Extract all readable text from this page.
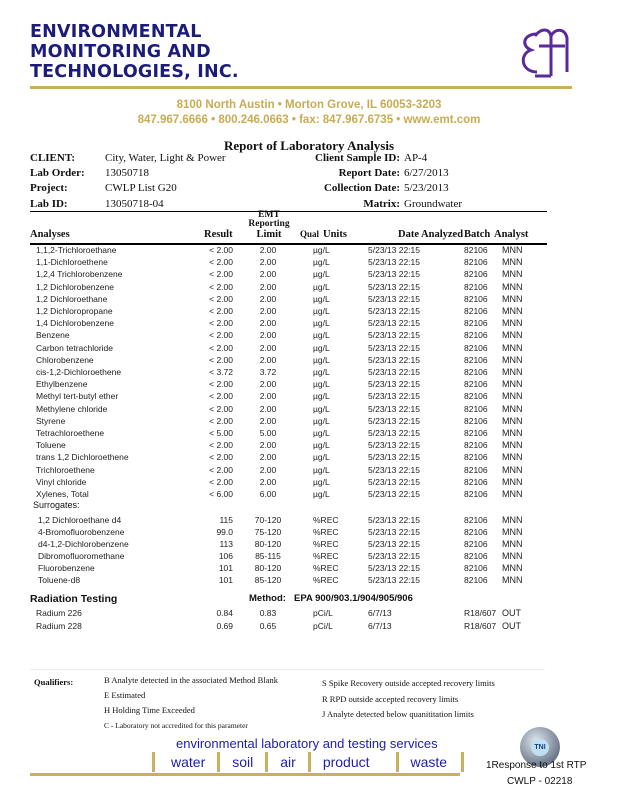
ENVIRONMENTAL
MONITORING AND
TECHNOLOGIES, INC.
8100 North Austin • Morton Grove, IL 60053-3203
847.967.6666 • 800.246.0663 • fax: 847.967.6735 • www.emt.com
Report of Laboratory Analysis
CLIENT:	City, Water, Light & Power
Lab Order: 13050718
Project:	CWLP List G20
Lab ID:	13050718-04
Client Sample ID: AP-4
Report Date: 6/27/2013
Collection Date: 5/23/2013
Matrix: Groundwater
Analyses	Result
EMT
Reporting
Limit	Qual Units	Date Analyzed Batch Analyst
1,1,2-Trichloroethane	< 2.00	2.00	µg/L	5/23/13 22:15	82106 MNN
1,1-Dichloroethene	< 2.00	2.00	µg/L	5/23/13 22:15	82106 MNN
1,2,4 Trichlorobenzene	< 2.00	2.00	µg/L	5/23/13 22:15	82106 MNN
1,2 Dichlorobenzene	< 2.00	2.00	µg/L	5/23/13 22:15	82106 MNN
1,2 Dichloroethane	< 2.00	2.00	µg/L	5/23/13 22:15	82106 MNN
1,2 Dichloropropane	< 2.00	2.00	µg/L	5/23/13 22:15	82106 MNN
1,4 Dichlorobenzene	< 2.00	2.00	µg/L	5/23/13 22:15	82106 MNN
Benzene	< 2.00	2.00	µg/L	5/23/13 22:15	82106 MNN
Carbon tetrachloride	< 2.00	2.00	µg/L	5/23/13 22:15	82106 MNN
Chlorobenzene	< 2.00	2.00	µg/L	5/23/13 22:15	82106 MNN
cis-1,2-Dichloroethene	< 3.72	3.72	µg/L	5/23/13 22:15	82106 MNN
Ethylbenzene	< 2.00	2.00	µg/L	5/23/13 22:15	82106 MNN
Methyl tert-butyl ether	< 2.00	2.00	µg/L	5/23/13 22:15	82106 MNN
Methylene chloride	< 2.00	2.00	µg/L	5/23/13 22:15	82106 MNN
Styrene	< 2.00	2.00	µg/L	5/23/13 22:15	82106 MNN
Tetrachloroethene	< 5.00	5.00	µg/L	5/23/13 22:15	82106 MNN
Toluene	< 2.00	2.00	µg/L	5/23/13 22:15	82106 MNN
trans 1,2 Dichloroethene	< 2.00	2.00	µg/L	5/23/13 22:15	82106 MNN
Trichloroethene	< 2.00	2.00	µg/L	5/23/13 22:15	82106 MNN
Vinyl chloride	< 2.00	2.00	µg/L	5/23/13 22:15	82106 MNN
Xylenes, Total	< 6.00	6.00	µg/L	5/23/13 22:15	82106 MNN
1,2 Dichloroethane d4	115	70-120	%REC	5/23/13 22:15	82106 MNN
4-Bromofluorobenzene	99.0	75-120	%REC	5/23/13 22:15	82106 MNN
d4-1,2-Dichlorobenzene	113	80-120	%REC	5/23/13 22:15	82106 MNN
Dibromofluoromethane	106	85-115	%REC	5/23/13 22:15	82106 MNN
Fluorobenzene	101	80-120	%REC	5/23/13 22:15	82106 MNN
Toluene-d8	101	85-120	%REC	5/23/13 22:15	82106 MNN
Radium 226	0.84	0.83	pCi/L	6/7/13	R18/607 OUT
Radium 228	0.69	0.65	pCi/L	6/7/13	R18/607 OUT
Surrogates:
Radiation Testing	Method: EPA 900/903.1/904/905/906
Qualifiers:	B Analyte detected in the associated Method Blank
E Estimated
H Holding Time Exceeded
C - Laboratory not accredited for this parameter
S Spike Recovery outside accepted recovery limits
R RPD outside accepted recovery limits
J Analyte detected below quanititation limits
environmental laboratory and testing services
water	soil	air	product	waste
TNI
1Response to 1st RTP
CWLP - 02218
